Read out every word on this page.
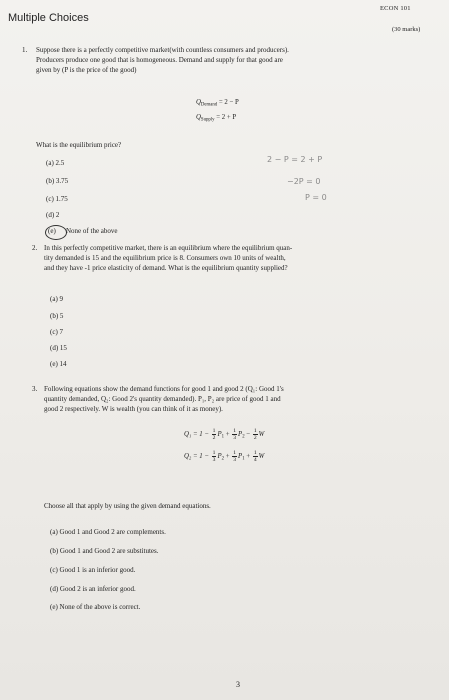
Multiple Choices
ECON 101
(30 marks)
1. Suppose there is a perfectly competitive market(with countless consumers and producers).
Producers produce one good that is homogeneous. Demand and supply for that good are
given by (P is the price of the good)
$Q_{Demand} = 2 - P$
$Q_{Supply} = 2 + P$
What is the equilibrium price?
(a) 2.5
(b) 3.75
(c) 1.75
(d) 2
(e) None of the above
2 − P = 2 + P
−2P = 0
P = 0
2. In this perfectly competitive market, there is an equilibrium where the equilibrium quan-
tity demanded is 15 and the equilibrium price is 8. Consumers own 10 units of wealth,
and they have -1 price elasticity of demand. What is the equilibrium quantity supplied?
(a) 9
(b) 5
(c) 7
(d) 15
(e) 14
3. Following equations show the demand functions for good 1 and good 2 (Q₁: Good 1's
quantity demanded, Q₂: Good 2's quantity demanded). P₁, P₂ are price of good 1 and
good 2 respectively. W is wealth (you can think of it as money).
$Q_1 = 1 - \frac{1}{2} P_1 + \frac{1}{3} P_2 - \frac{1}{2}$ W
$Q_2 = 1 - \frac{1}{3} P_2 + \frac{1}{3} P_1 + \frac{1}{4}$ W
Choose all that apply by using the given demand equations.
(a) Good 1 and Good 2 are complements.
(b) Good 1 and Good 2 are substitutes.
(c) Good 1 is an inferior good.
(d) Good 2 is an inferior good.
(e) None of the above is correct.
3
